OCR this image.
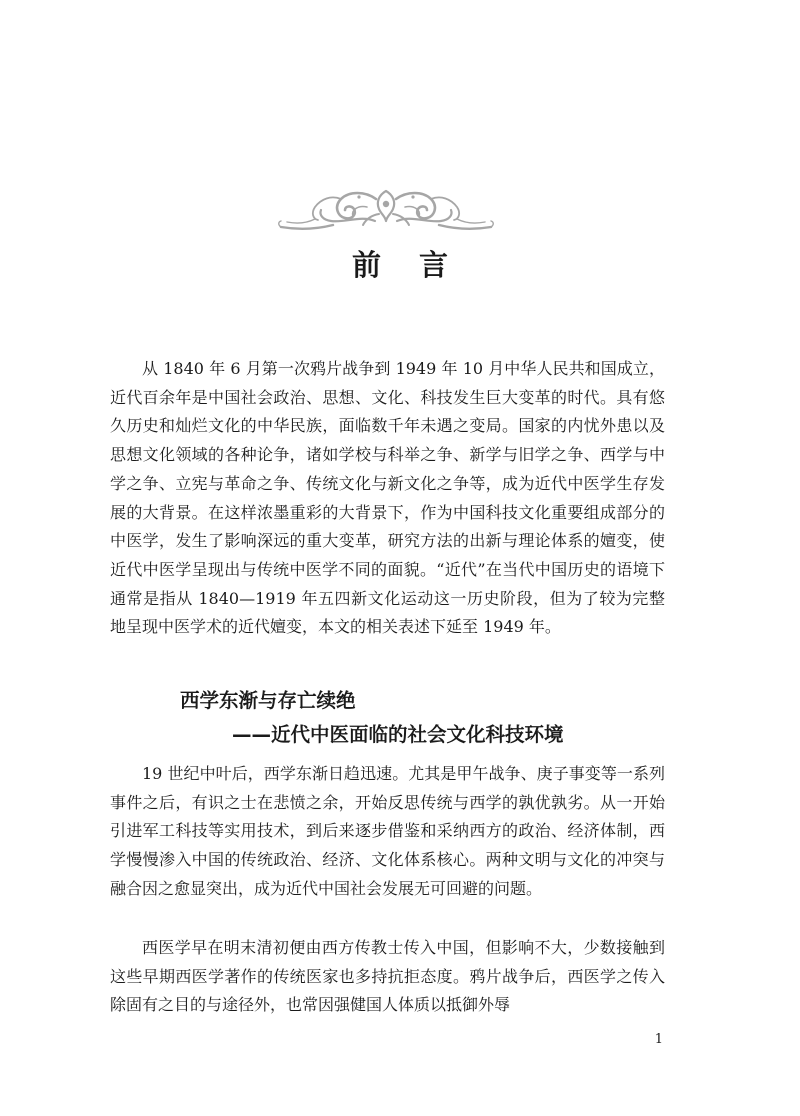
前言

从 1840 年 6 月第一次鸦片战争到 1949 年 10 月中华人民共和国成立，近代百余年是中国社会政治、思想、文化、科技发生巨大变革的时代。具有悠久历史和灿烂文化的中华民族，面临数千年未遇之变局。国家的内忧外患以及思想文化领域的各种论争，诸如学校与科举之争、新学与旧学之争、西学与中学之争、立宪与革命之争、传统文化与新文化之争等，成为近代中医学生存发展的大背景。在这样浓墨重彩的大背景下，作为中国科技文化重要组成部分的中医学，发生了影响深远的重大变革，研究方法的出新与理论体系的嬗变，使近代中医学呈现出与传统中医学不同的面貌。“近代”在当代中国历史的语境下通常是指从 1840—1919 年五四新文化运动这一历史阶段，但为了较为完整地呈现中医学术的近代嬗变，本文的相关表述下延至 1949 年。

西学东渐与存亡续绝
——近代中医面临的社会文化科技环境

19 世纪中叶后，西学东渐日趋迅速。尤其是甲午战争、庚子事变等一系列事件之后，有识之士在悲愤之余，开始反思传统与西学的孰优孰劣。从一开始引进军工科技等实用技术，到后来逐步借鉴和采纳西方的政治、经济体制，西学慢慢渗入中国的传统政治、经济、文化体系核心。两种文明与文化的冲突与融合因之愈显突出，成为近代中国社会发展无可回避的问题。

西医学早在明末清初便由西方传教士传入中国，但影响不大，少数接触到这些早期西医学著作的传统医家也多持抗拒态度。鸦片战争后，西医学之传入除固有之目的与途径外，也常因强健国人体质以抵御外辱

1
